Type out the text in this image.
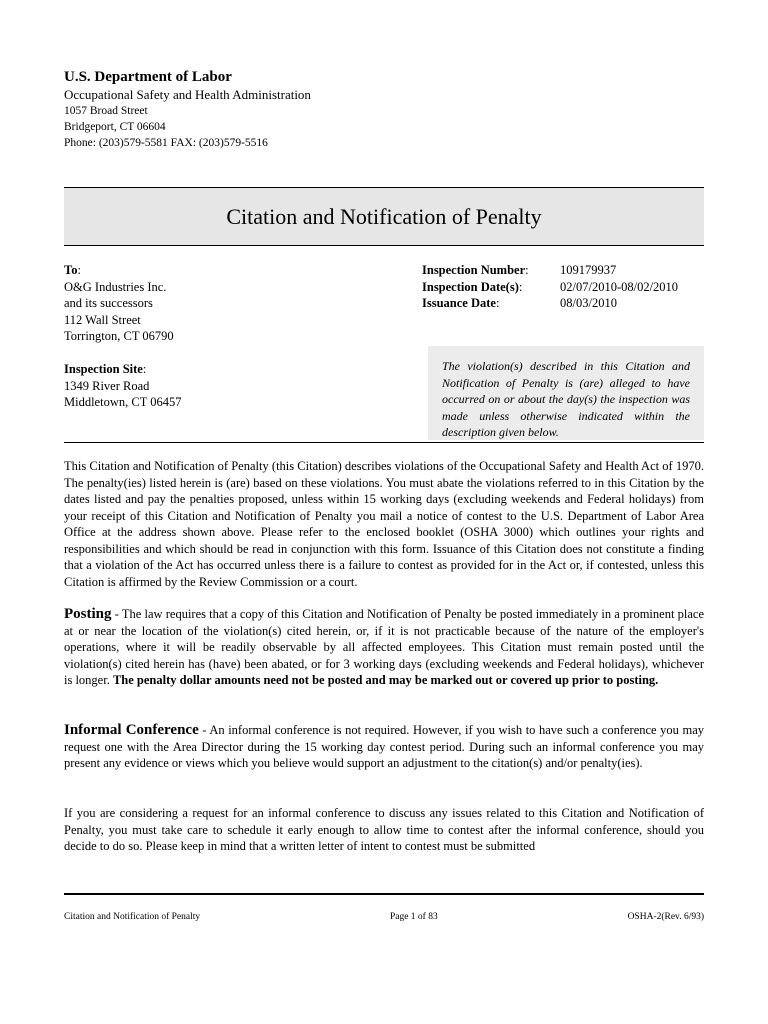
U.S. Department of Labor
Occupational Safety and Health Administration
1057 Broad Street
Bridgeport, CT 06604
Phone: (203)579-5581 FAX: (203)579-5516
Citation and Notification of Penalty
To:
O&G Industries Inc.
and its successors
112 Wall Street
Torrington, CT 06790
Inspection Site:
1349 River Road
Middletown, CT 06457
Inspection Number:	109179937
Inspection Date(s):	02/07/2010-08/02/2010
Issuance Date:	08/03/2010
The violation(s) described in this Citation and Notification of Penalty is (are) alleged to have occurred on or about the day(s) the inspection was made unless otherwise indicated within the description given below.

This Citation and Notification of Penalty (this Citation) describes violations of the Occupational Safety and Health Act of 1970. The penalty(ies) listed herein is (are) based on these violations. You must abate the violations referred to in this Citation by the dates listed and pay the penalties proposed, unless within 15 working days (excluding weekends and Federal holidays) from your receipt of this Citation and Notification of Penalty you mail a notice of contest to the U.S. Department of Labor Area Office at the address shown above. Please refer to the enclosed booklet (OSHA 3000) which outlines your rights and responsibilities and which should be read in conjunction with this form. Issuance of this Citation does not constitute a finding that a violation of the Act has occurred unless there is a failure to contest as provided for in the Act or, if contested, unless this Citation is affirmed by the Review Commission or a court.

Posting - The law requires that a copy of this Citation and Notification of Penalty be posted immediately in a prominent place at or near the location of the violation(s) cited herein, or, if it is not practicable because of the nature of the employer's operations, where it will be readily observable by all affected employees. This Citation must remain posted until the violation(s) cited herein has (have) been abated, or for 3 working days (excluding weekends and Federal holidays), whichever is longer. The penalty dollar amounts need not be posted and may be marked out or covered up prior to posting.

Informal Conference - An informal conference is not required. However, if you wish to have such a conference you may request one with the Area Director during the 15 working day contest period. During such an informal conference you may present any evidence or views which you believe would support an adjustment to the citation(s) and/or penalty(ies).

If you are considering a request for an informal conference to discuss any issues related to this Citation and Notification of Penalty, you must take care to schedule it early enough to allow time to contest after the informal conference, should you decide to do so. Please keep in mind that a written letter of intent to contest must be submitted

Citation and Notification of Penalty	Page 1 of 83	OSHA-2(Rev. 6/93)
